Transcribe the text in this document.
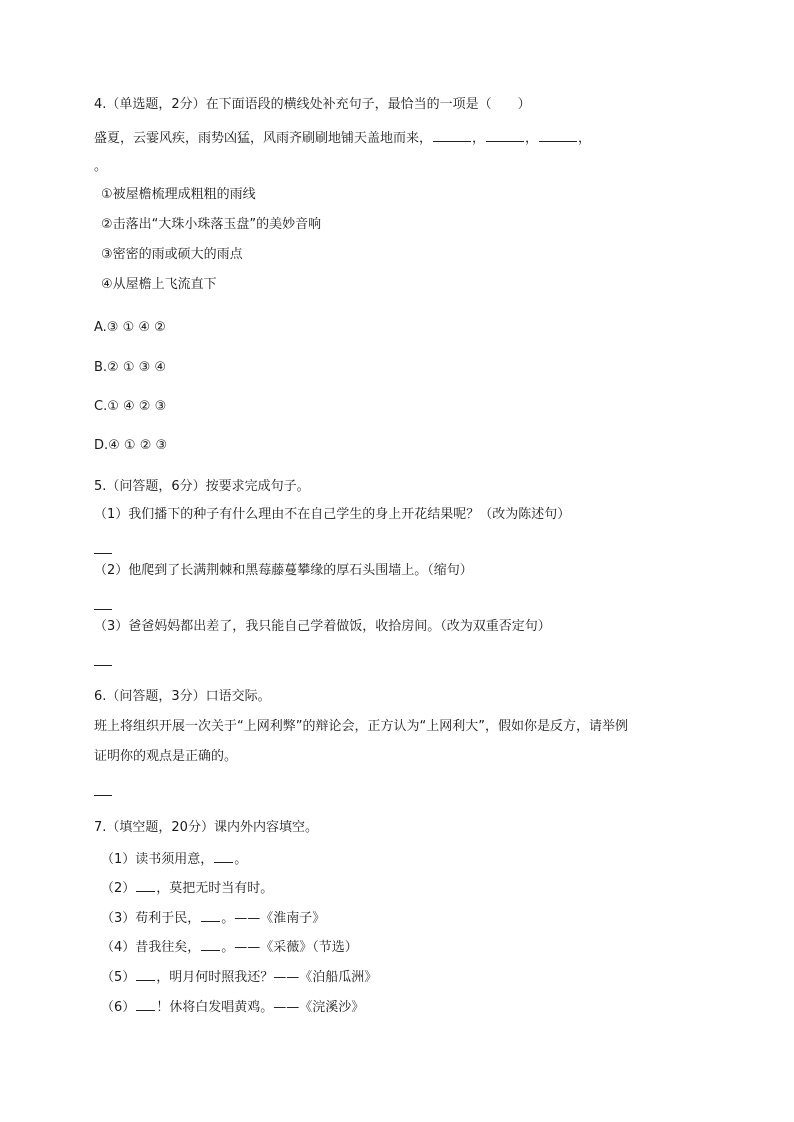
4.（单选题，2分）在下面语段的横线处补充句子，最恰当的一项是（　　）
盛夏，云霎风疾，雨势凶猛，风雨齐刷刷地铺天盖地而来，	，	，	，
。
①被屋檐梳理成粗粗的雨线
②击落出“大珠小珠落玉盘”的美妙音响
③密密的雨或硕大的雨点
④从屋檐上飞流直下
A.③ ① ④ ②
B.② ① ③ ④
C.① ④ ② ③
D.④ ① ② ③
5.（问答题，6分）按要求完成句子。
（1）我们播下的种子有什么理由不在自己学生的身上开花结果呢？（改为陈述句）
（2）他爬到了长满荆棘和黑莓藤蔓攀缘的厚石头围墙上。（缩句）
（3）爸爸妈妈都出差了，我只能自己学着做饭，收拾房间。（改为双重否定句）
6.（问答题，3分）口语交际。
班上将组织开展一次关于“上网利弊”的辩论会，正方认为“上网利大”，假如你是反方，请举例
证明你的观点是正确的。
7.（填空题，20分）课内外内容填空。
（1）读书须用意， 。
（2） ，莫把无时当有时。
（3）苟利于民， 。——《淮南子》
（4）昔我往矣， 。——《采薇》（节选）
（5） ，明月何时照我还？——《泊船瓜洲》
（6） ！休将白发唱黄鸡。——《浣溪沙》
